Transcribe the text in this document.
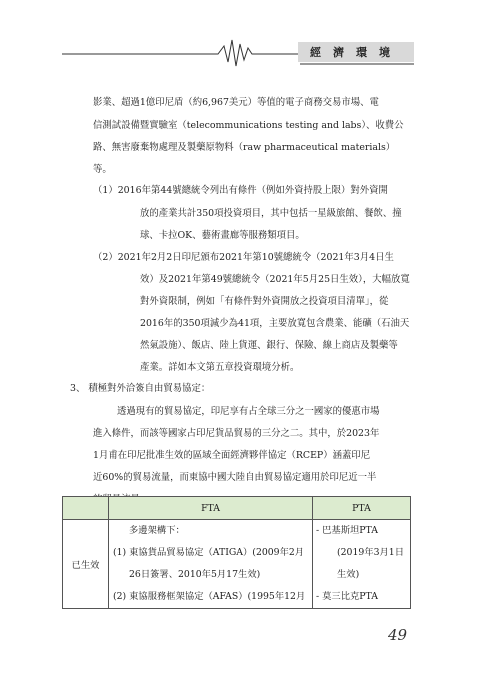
經濟環境
影業、超過1億印尼盾（約6,967美元）等值的電子商務交易市場、電
信測試設備暨實驗室（telecommunications testing and labs）、收費公
路、無害廢棄物處理及製藥原物料（raw pharmaceutical materials）
等。
（1）2016年第44號總統令列出有條件（例如外資持股上限）對外資開
放的產業共計350項投資項目，其中包括一星級旅館、餐飲、撞
球、卡拉OK、藝術畫廊等服務類項目。
（2）2021年2月2日印尼頒布2021年第10號總統令（2021年3月4日生
效）及2021年第49號總統令（2021年5月25日生效），大幅放寬
對外資限制，例如「有條件對外資開放之投資項目清單」，從
2016年的350項減少為41項，主要放寬包含農業、能礦（石油天
然氣設施）、飯店、陸上貨運、銀行、保險、線上商店及製藥等
產業。詳如本文第五章投資環境分析。
3、 積極對外洽簽自由貿易協定：
透過現有的貿易協定，印尼享有占全球三分之一國家的優惠市場
進入條件，而該等國家占印尼貨品貿易的三分之二。其中，於2023年
1月甫在印尼批准生效的區域全面經濟夥伴協定（RCEP）涵蓋印尼
近60%的貿易流量，而東協中國大陸自由貿易協定適用於印尼近一半
	FTA	PTA
已生效	多邊架構下：
(1) 東協貨品貿易協定（ATIGA）(2009年2月
26日簽署、2010年5月17生效)
(2) 東協服務框架協定（AFAS）(1995年12月	- 巴基斯坦PTA
(2019年3月1日
生效)
- 莫三比克PTA
49
